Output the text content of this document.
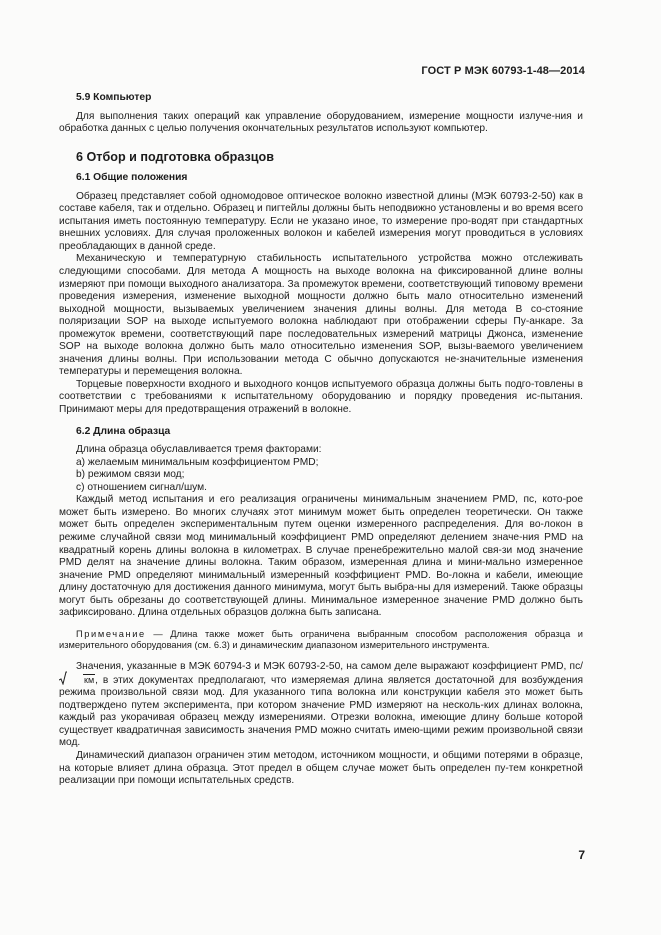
ГОСТ Р МЭК 60793-1-48—2014

5.9 Компьютер

Для выполнения таких операций как управление оборудованием, измерение мощности излуче-ния и обработка данных с целью получения окончательных результатов используют компьютер.

6 Отбор и подготовка образцов

6.1 Общие положения

Образец представляет собой одномодовое оптическое волокно известной длины (МЭК 60793-2-50) как в составе кабеля, так и отдельно. Образец и пигтейлы должны быть неподвижно установлены и во время всего испытания иметь постоянную температуру. Если не указано иное, то измерение про-водят при стандартных внешних условиях. Для случая проложенных волокон и кабелей измерения могут проводиться в условиях преобладающих в данной среде.

Механическую и температурную стабильность испытательного устройства можно отслеживать следующими способами. Для метода А мощность на выходе волокна на фиксированной длине волны измеряют при помощи выходного анализатора. За промежуток времени, соответствующий типовому времени проведения измерения, изменение выходной мощности должно быть мало относительно изменений выходной мощности, вызываемых увеличением значения длины волны. Для метода В со-стояние поляризации SOP на выходе испытуемого волокна наблюдают при отображении сферы Пу-анкаре. За промежуток времени, соответствующий паре последовательных измерений матрицы Джонса, изменение SOP на выходе волокна должно быть мало относительно изменения SOP, вызы-ваемого увеличением значения длины волны. При использовании метода С обычно допускаются не-значительные изменения температуры и перемещения волокна.

Торцевые поверхности входного и выходного концов испытуемого образца должны быть подго-товлены в соответствии с требованиями к испытательному оборудованию и порядку проведения ис-пытания. Принимают меры для предотвращения отражений в волокне.

6.2 Длина образца

Длина образца обуславливается тремя факторами:

а) желаемым минимальным коэффициентом PMD;

b) режимом связи мод;

с) отношением сигнал/шум.

Каждый метод испытания и его реализация ограничены минимальным значением PMD, пс, кото-рое может быть измерено. Во многих случаях этот минимум может быть определен теоретически. Он также может быть определен экспериментальным путем оценки измеренного распределения. Для во-локон в режиме случайной связи мод минимальный коэффициент PMD определяют делением значе-ния PMD на квадратный корень длины волокна в километрах. В случае пренебрежительно малой свя-зи мод значение PMD делят на значение длины волокна. Таким образом, измеренная длина и мини-мально измеренное значение PMD определяют минимальный измеренный коэффициент PMD. Во-локна и кабели, имеющие длину достаточную для достижения данного минимума, могут быть выбра-ны для измерений. Также образцы могут быть обрезаны до соответствующей длины. Минимальное измеренное значение PMD должно быть зафиксировано. Длина отдельных образцов должна быть записана.

Примечание — Длина также может быть ограничена выбранным способом расположения образца и измерительного оборудования (см. 6.3) и динамическим диапазоном измерительного инструмента.

Значения, указанные в МЭК 60794-3 и МЭК 60793-2-50, на самом деле выражают коэффициент PMD, пс/
км, в этих документах предполагают, что измеряемая длина является достаточной для возбуждения режима произвольной связи мод. Для указанного типа волокна или конструкции кабеля это может быть подтверждено путем эксперимента, при котором значение PMD измеряют на несколь-ких длинах волокна, каждый раз укорачивая образец между измерениями. Отрезки волокна, имеющие длину больше которой существует квадратичная зависимость значения PMD можно считать имею-щими режим произвольной связи мод.

Динамический диапазон ограничен этим методом, источником мощности, и общими потерями в образце, на которые влияет длина образца. Этот предел в общем случае может быть определен пу-тем конкретной реализации при помощи испытательных средств.

7
